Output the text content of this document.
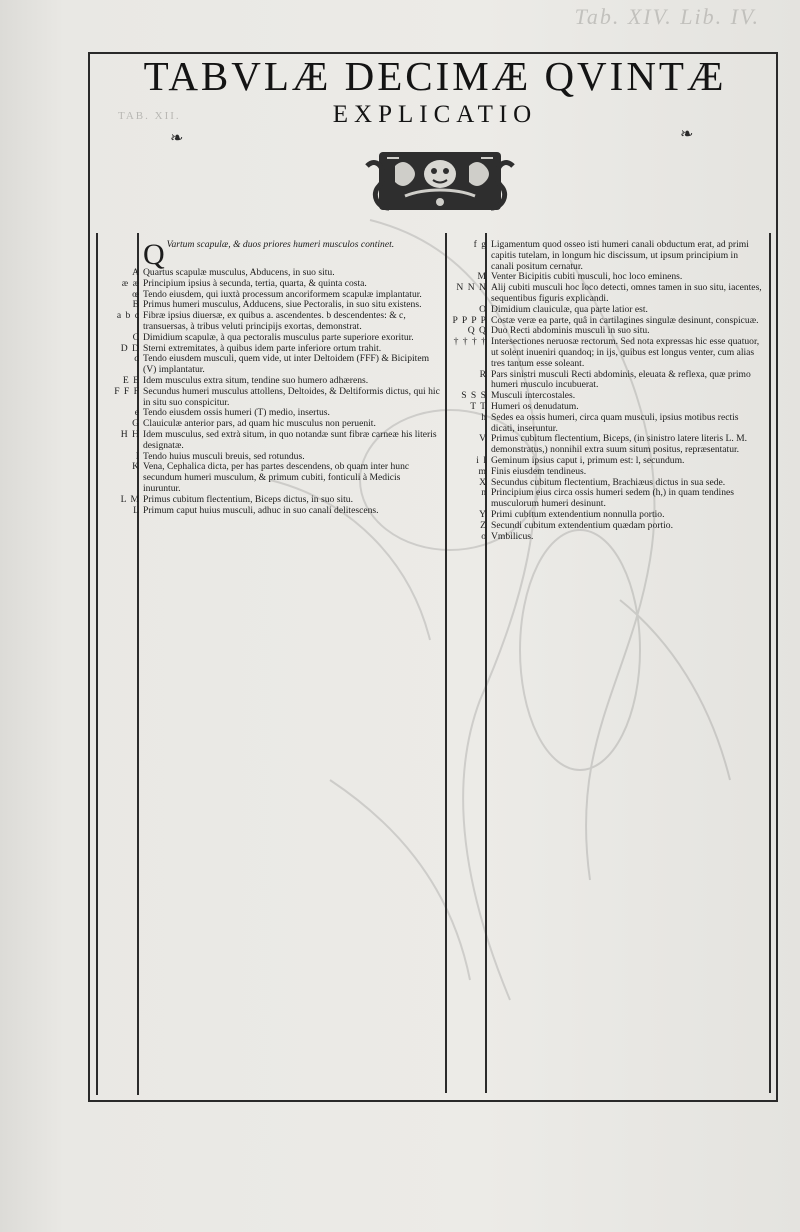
Tab. XIV. Lib. IV.
TAB. XII.
TABVLÆ DECIMÆ QVINTÆ
EXPLICATIO
❧	❧
Q Vartum scapulæ, & duos priores humeri musculos continet.
A Quartus scapulæ musculus, Abducens, in suo situ.
æ æ Principium ipsius à secunda, tertia, quarta, & quinta costa.
œ Tendo eiusdem, qui iuxtà processum ancoriformem scapulæ implantatur.
B Primus humeri musculus, Adducens, siue Pectoralis, in suo situ existens.
a b c Fibræ ipsius diuersæ, ex quibus a. ascendentes. b descendentes: & c, transuersas, à tribus veluti principijs exortas, demonstrat.
C Dimidium scapulæ, à qua pectoralis musculus parte superiore exoritur.
D D Sterni extremitates, à quibus idem parte inferiore ortum trahit.
d Tendo eiusdem musculi, quem vide, ut inter Deltoidem (FFF) & Bicipitem (V) implantatur.
E E Idem musculus extra situm, tendine suo humero adhærens.
F F F Secundus humeri musculus attollens, Deltoides, & Deltiformis dictus, qui hic in situ suo conspicitur.
e Tendo eiusdem ossis humeri (T) medio, insertus.
G Clauiculæ anterior pars, ad quam hic musculus non peruenit.
H H Idem musculus, sed extrà situm, in quo notandæ sunt fibræ carneæ his literis designatæ.
I Tendo huius musculi breuis, sed rotundus.
K Vena, Cephalica dicta, per has partes descendens, ob quam inter hunc secundum humeri musculum, & primum cubiti, fonticuli à Medicis inuruntur.
L M Primus cubitum flectentium, Biceps dictus, in suo situ.
L Primum caput huius musculi, adhuc in suo canali delitescens.
f g Ligamentum quod osseo isti humeri canali obductum erat, ad primi capitis tutelam, in longum hic discissum, ut ipsum principium in canali positum cernatur.
M Venter Bicipitis cubiti musculi, hoc loco eminens.
N N N Alij cubiti musculi hoc loco detecti, omnes tamen in suo situ, iacentes, sequentibus figuris explicandi.
O Dimidium clauiculæ, qua parte latior est.
P P P P Costæ veræ ea parte, quâ in cartilagines singulæ desinunt, conspicuæ.
Q Q Duo Recti abdominis musculi in suo situ.
† † † † Intersectiones neruosæ rectorum. Sed nota expressas hic esse quatuor, ut solent inueniri quandoq; in ijs, quibus est longus venter, cum alias tres tantum esse soleant.
R Pars sinistri musculi Recti abdominis, eleuata & reflexa, quæ primo humeri musculo incubuerat.
S S S Musculi intercostales.
T T Humeri os denudatum.
h Sedes ea ossis humeri, circa quam musculi, ipsius motibus rectis dicati, inseruntur.
V Primus cubitum flectentium, Biceps, (in sinistro latere literis L. M. demonstratus,) nonnihil extra suum situm positus, repræsentatur.
i l Geminum ipsius caput i, primum est: l, secundum.
m Finis eiusdem tendineus.
X Secundus cubitum flectentium, Brachiæus dictus in sua sede.
n Principium eius circa ossis humeri sedem (h,) in quam tendines musculorum humeri desinunt.
Y Primi cubitum extendentium nonnulla portio.
Z Secundi cubitum extendentium quædam portio.
o Vmbilicus.
